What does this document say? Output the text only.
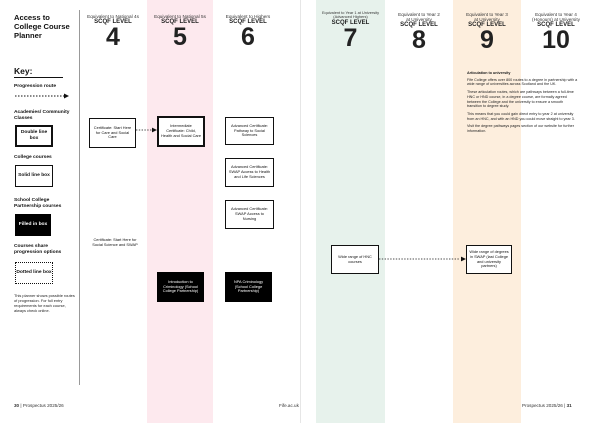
Access to College Course Planner
Key:
Progression route
Academies/ Community Classes
Double line box
College courses
Solid line box
School College Partnership courses
Filled in box
Courses share progression options
Dotted line box
This planner shows possible routes of progression. For full entry requirements for each course, always check online.
Equivalent to National 4s
SCQF LEVEL
4
Equivalent to National 5s
SCQF LEVEL
5
Equivalent to Highers
SCQF LEVEL
6
Equivalent to Year 1 at University (Advanced Highers)
SCQF LEVEL
7
Equivalent to Year 2 at University
SCQF LEVEL
8
Equivalent to Year 3 at University
SCQF LEVEL
9
Equivalent to Year 4 (Honours) at University
SCQF LEVEL
10
Certificate: Start Here for Care and Social Care
Intermediate Certificate: Child, Health and Social Care
Advanced Certificate: Pathway to Social Sciences
Advanced Certificate: SWAP Access to Health and Life Sciences
Advanced Certificate: SWAP Access to Nursing
Certificate: Start Here for Social Science and SWAP
Introduction to Criminology (School College Partnership)
NPA Criminology (School College Partnership)
Wide range of HNC courses
Wide range of degrees in SWAP (last College and university partners)

Articulation to university

Fife College offers over 800 routes to a degree in partnership with a wide range of universities across Scotland and the UK.

These articulation routes, which are pathways between a full-time HNC or HND course, in a degree course, are formally agreed between the College and the university to ensure a smooth transition to degree study.

This means that you could gain direct entry to year 2 at university from an HNC, and with an HND you could move straight to year 3.

Visit the degree pathways pages section of our website for further information.

30 | Prospectus 2025/26	Fife.ac.uk	Prospectus 2025/26 | 31
